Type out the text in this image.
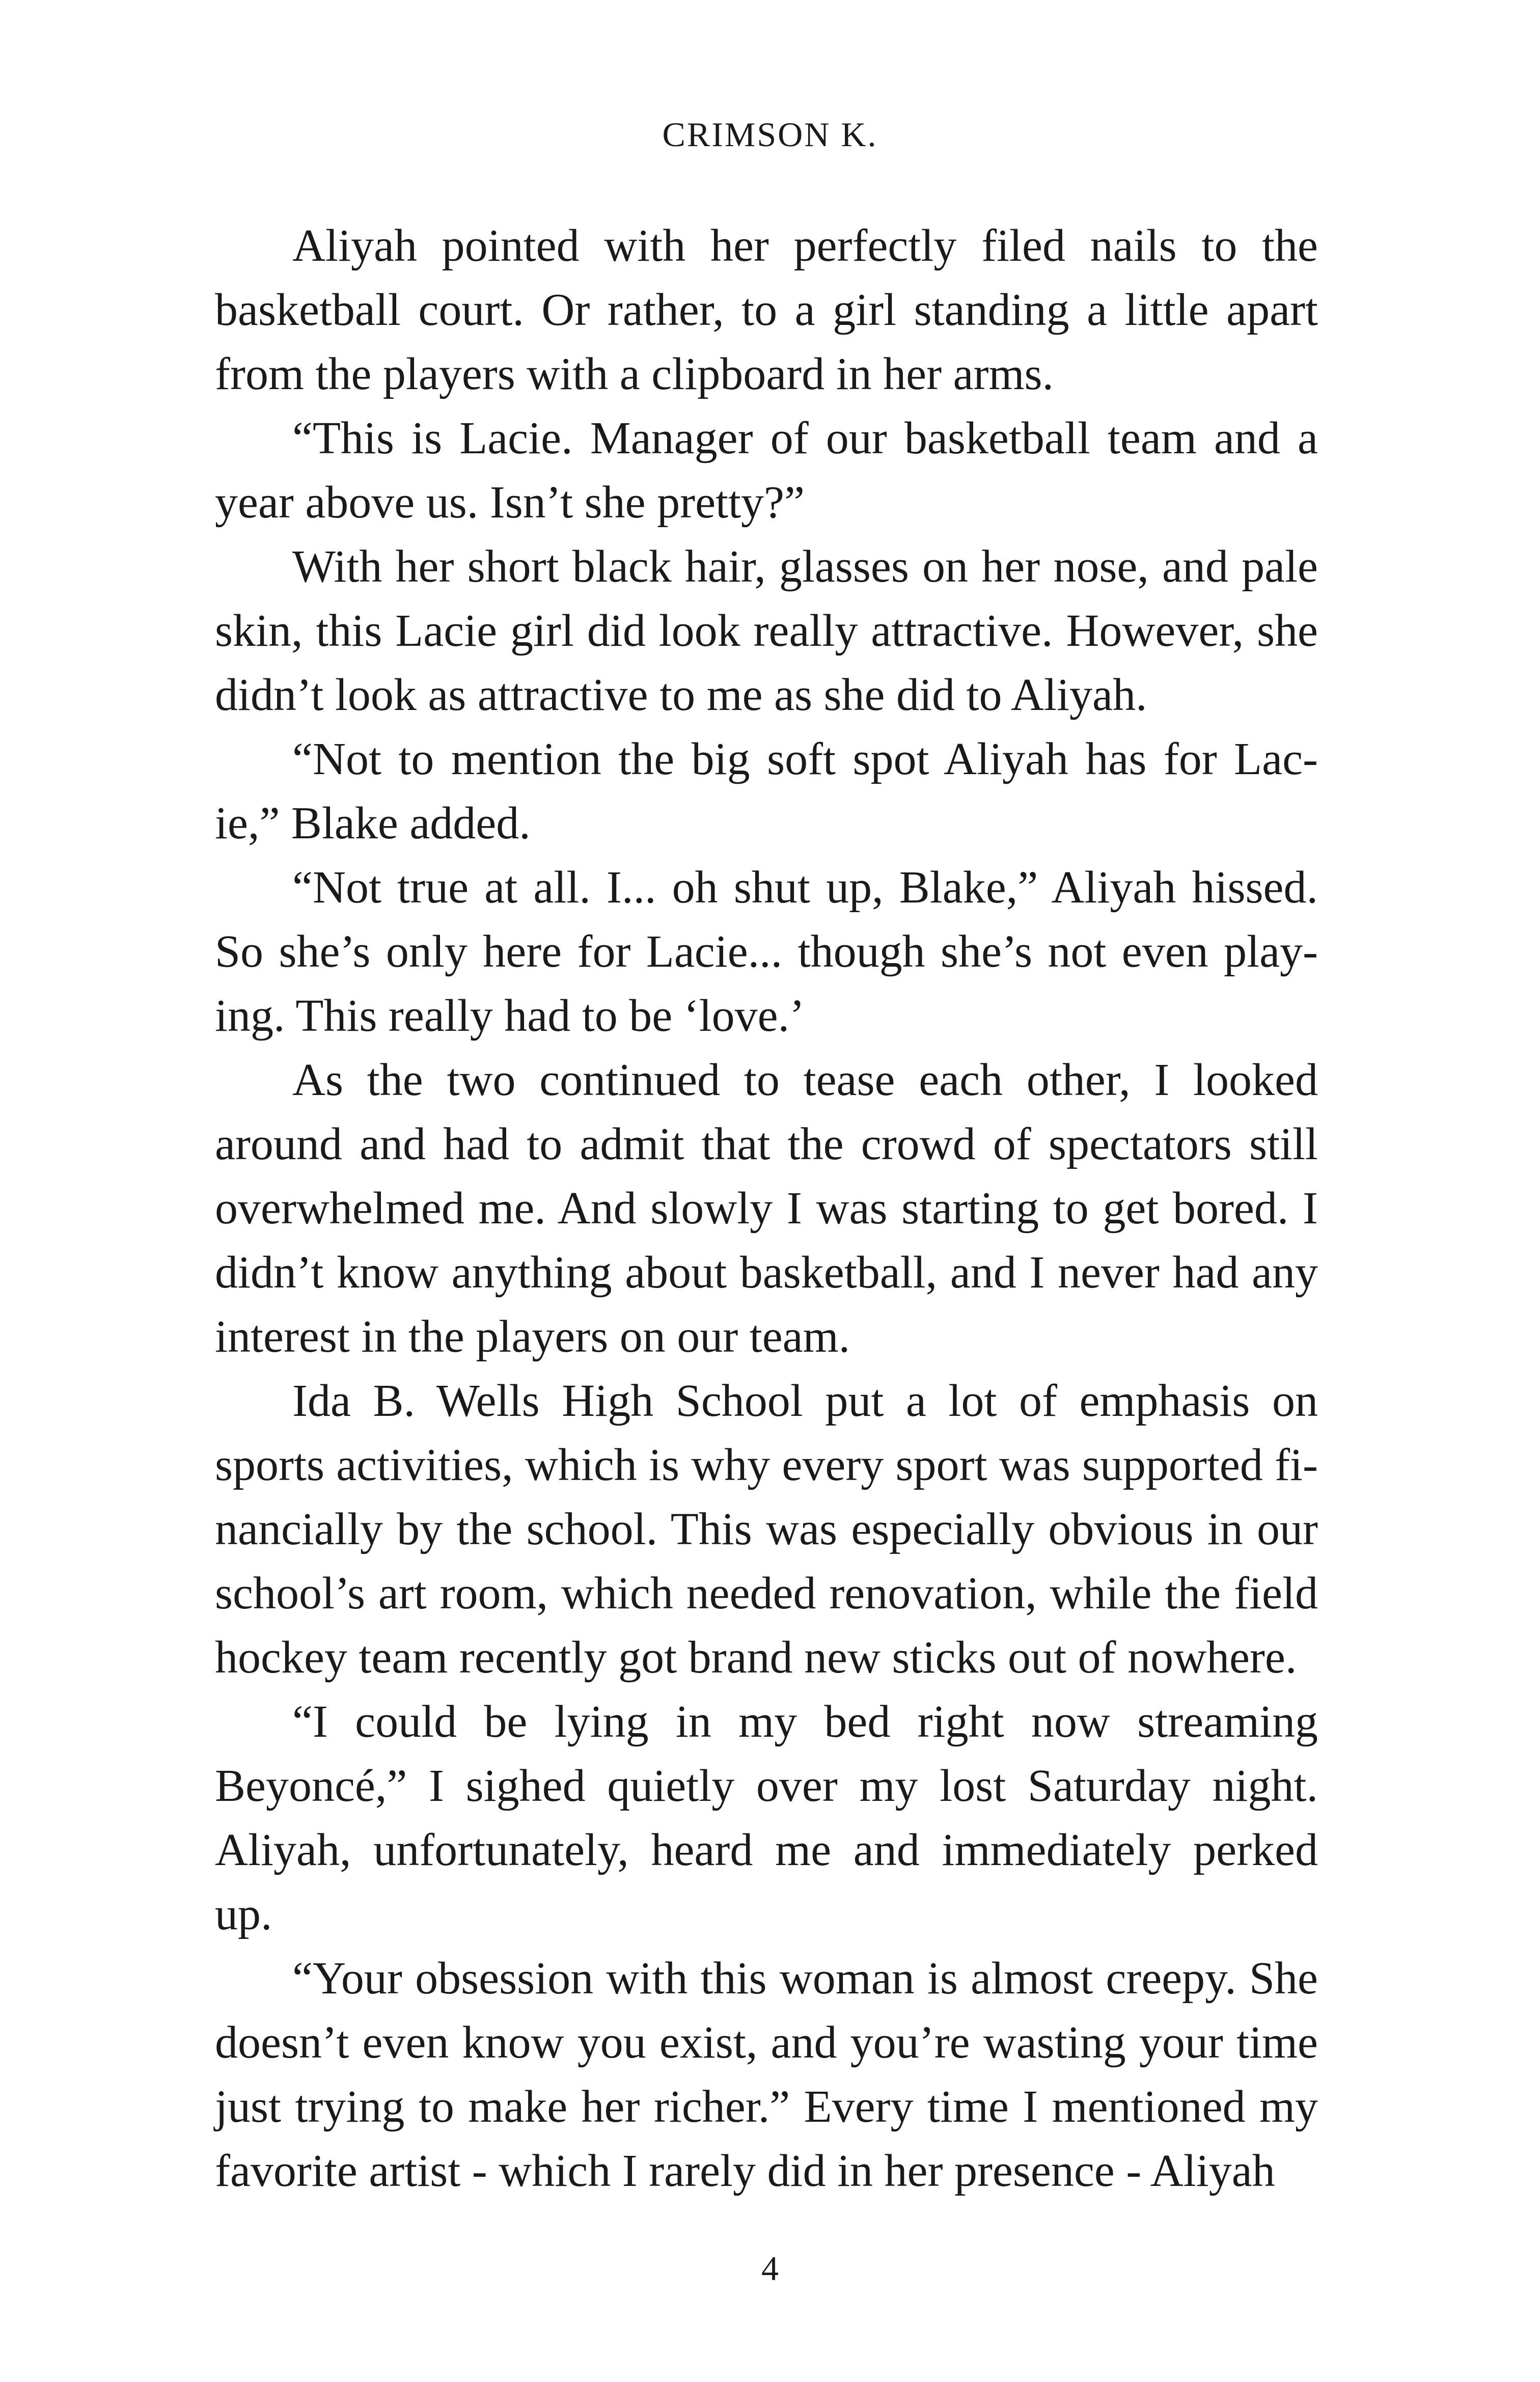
CRIMSON K.

Aliyah pointed with her perfectly filed nails to the basketball court. Or rather, to a girl standing a little apart from the players with a clipboard in her arms.

“This is Lacie. Manager of our basketball team and a year above us. Isn’t she pretty?”

With her short black hair, glasses on her nose, and pale skin, this Lacie girl did look really attractive. However, she didn’t look as attractive to me as she did to Aliyah.

“Not to mention the big soft spot Aliyah has for Lac-ie,” Blake added.

“Not true at all. I... oh shut up, Blake,” Aliyah hissed. So she’s only here for Lacie... though she’s not even play-ing. This really had to be ‘love.’

As the two continued to tease each other, I looked around and had to admit that the crowd of spectators still overwhelmed me. And slowly I was starting to get bored. I didn’t know anything about basketball, and I never had any interest in the players on our team.

Ida B. Wells High School put a lot of emphasis on sports activities, which is why every sport was supported fi-nancially by the school. This was especially obvious in our school’s art room, which needed renovation, while the field hockey team recently got brand new sticks out of nowhere.

“I could be lying in my bed right now streaming Beyoncé,” I sighed quietly over my lost Saturday night. Aliyah, unfortunately, heard me and immediately perked up.

“Your obsession with this woman is almost creepy. She doesn’t even know you exist, and you’re wasting your time just trying to make her richer.” Every time I mentioned my favorite artist - which I rarely did in her presence - Aliyah

4
